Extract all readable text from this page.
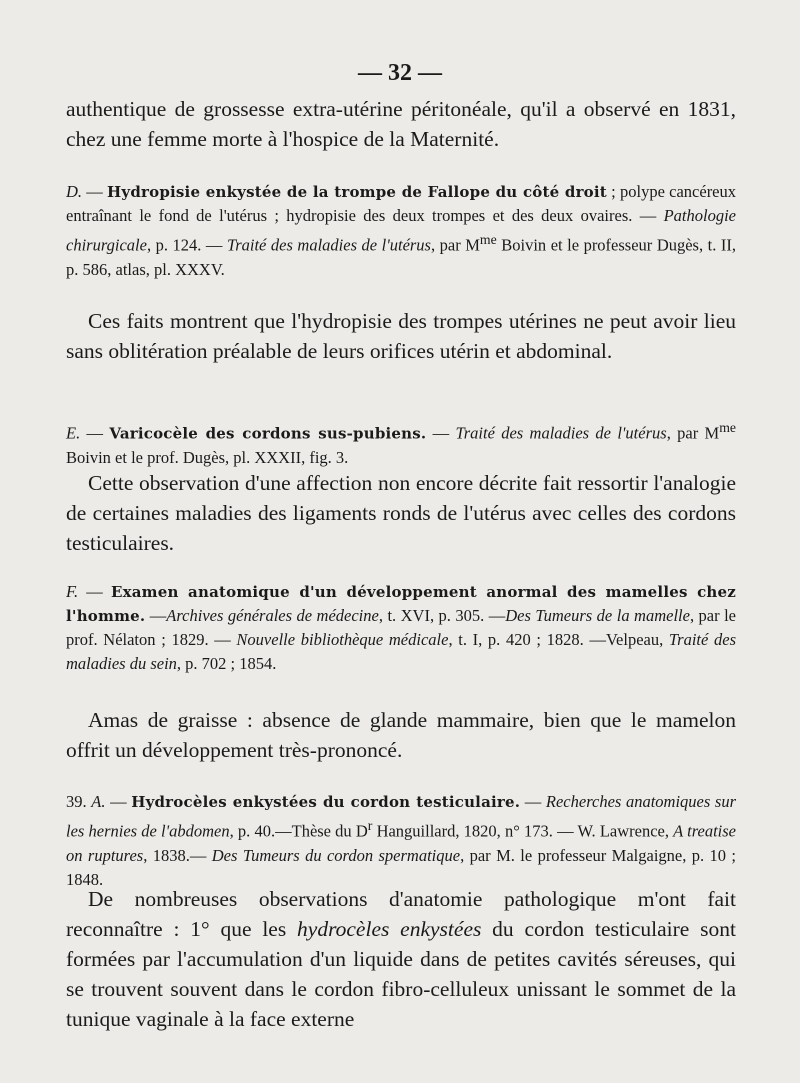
— 32 —
authentique de grossesse extra-utérine péritonéale, qu'il a observé en 1831, chez une femme morte à l'hospice de la Maternité.
D. — Hydropisie enkystée de la trompe de Fallope du côté droit ; polype cancéreux entraînant le fond de l'utérus ; hydropisie des deux trompes et des deux ovaires. — Pathologie chirurgicale, p. 124. — Traité des maladies de l'utérus, par $M^{me}$ Boivin et le professeur Dugès, t. II, p. 586, atlas, pl. XXXV.
Ces faits montrent que l'hydropisie des trompes utérines ne peut avoir lieu sans oblitération préalable de leurs orifices utérin et abdominal.
E. — Varicocèle des cordons sus-pubiens. — Traité des maladies de l'utérus, par $M^{me}$ Boivin et le prof. Dugès, pl. XXXII, fig. 3.
Cette observation d'une affection non encore décrite fait ressortir l'analogie de certaines maladies des ligaments ronds de l'utérus avec celles des cordons testiculaires.
F. — Examen anatomique d'un développement anormal des mamelles chez l'homme. —Archives générales de médecine, t. XVI, p. 305. —Des Tumeurs de la mamelle, par le prof. Nélaton ; 1829. — Nouvelle bibliothèque médicale, t. I, p. 420 ; 1828. —Velpeau, Traité des maladies du sein, p. 702 ; 1854.
Amas de graisse : absence de glande mammaire, bien que le mamelon offrit un développement très-prononcé.
39. A. — Hydrocèles enkystées du cordon testiculaire. — Recherches anatomiques sur les hernies de l'abdomen, p. 40.—Thèse du $D^r$ Hanguillard, 1820, n° 173. — W. Lawrence, A treatise on ruptures, 1838.— Des Tumeurs du cordon spermatique, par M. le professeur Malgaigne, p. 10 ; 1848.
De nombreuses observations d'anatomie pathologique m'ont fait reconnaître : 1° que les hydrocèles enkystées du cordon testiculaire sont formées par l'accumulation d'un liquide dans de petites cavités séreuses, qui se trouvent souvent dans le cordon fibro-celluleux unissant le sommet de la tunique vaginale à la face externe
